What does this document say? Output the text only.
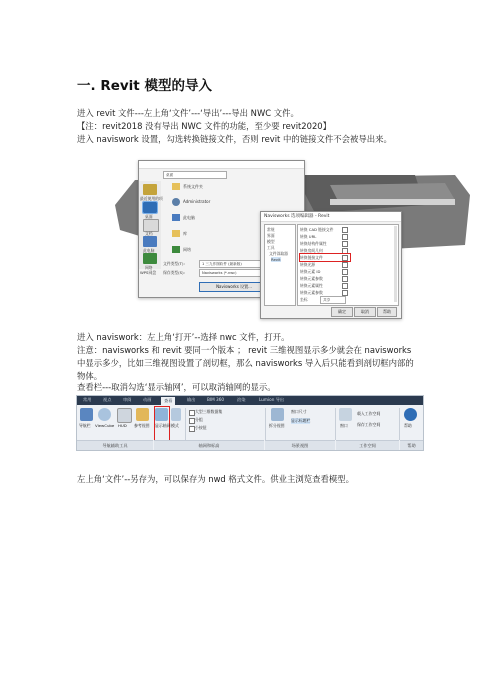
一. Revit 模型的导入
进入 revit 文件---左上角‘文件’---‘导出’---导出 NWC 文件。
【注：revit2018 没有导出 NWC 文件的功能，至少要 revit2020】
进入 naviswork 设置，勾选转换链接文件，否则 revit 中的链接文件不会被导出来。
桌面
最近使用的项
桌面
文档
此电脑
网络
WPS网盘
系统文件夹
Administrator
此电脑
库
网络
文件类型(T):	1 三九作图软件 (最新版)
保存类型(S):	Navisworks (*.nwc)
Navisworks 设置...
Navisworks 选项编辑器 - Revit
常规
界面
模型
工具
文件读取器
Revit
转换 CAD 链接文件
转换 URL
转换结构件属性
转换房间几何
转换链接文件
转换光源
转换元素 ID
转换元素参数
转换元素属性
转换元素参数
坐标	共享
确定	取消	帮助
进入 naviswork：左上角‘打开’--选择 nwc 文件，打开。
注意：navisworks 和 revit 要同一个版本 ； revit 三维视图显示多少就会在 navisworks 中显示多少，比如三维视图设置了剖切框，那么 navisworks 导入后只能看到剖切框内部的物体。
查看栏---取消勾选‘显示轴网’，可以取消轴网的显示。
常用	视点	审阅	动画	查看	输出	BIM 360	渲染	Lumion 导出
导航栏 ViewCube HUD 参考视图 显示轴网 模式
大型三维数据集
分组
小按钮	拆分视图
窗口尺寸
显示标题栏
窗口
载入工作空间
保存工作空间	帮助
导航辅助工具	轴网和标高	场景视图	工作空间	帮助
左上角‘文件’--另存为，可以保存为 nwd 格式文件。供业主浏览查看模型。
